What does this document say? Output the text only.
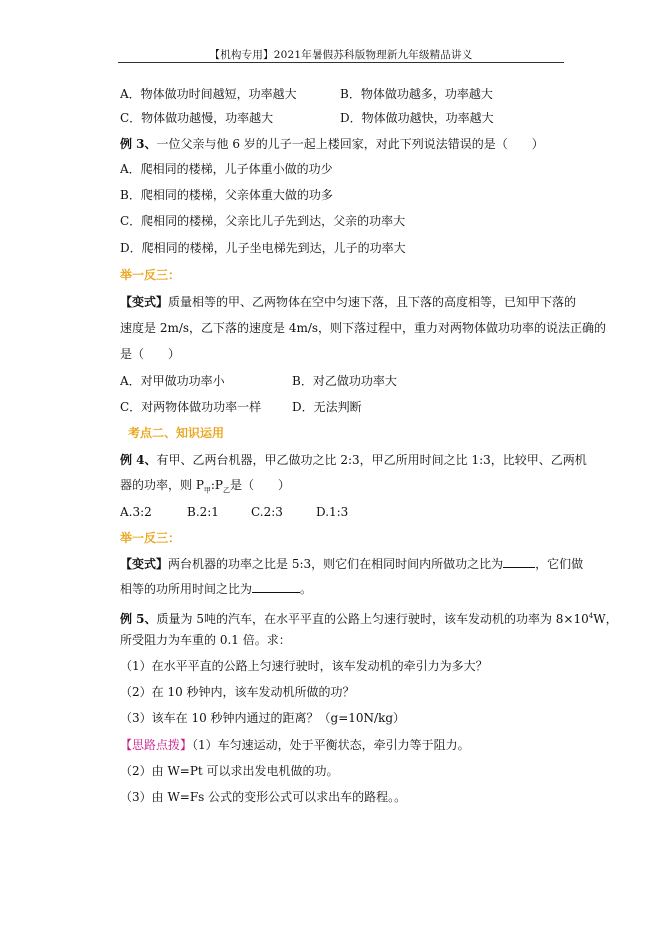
【机构专用】2021年暑假苏科版物理新九年级精品讲义
A．物体做功时间越短，功率越大	B．物体做功越多，功率越大
C．物体做功越慢，功率越大	D．物体做功越快，功率越大
例 3、一位父亲与他 6 岁的儿子一起上楼回家，对此下列说法错误的是（　　）
A．爬相同的楼梯，儿子体重小做的功少
B．爬相同的楼梯，父亲体重大做的功多
C．爬相同的楼梯，父亲比儿子先到达，父亲的功率大
D．爬相同的楼梯，儿子坐电梯先到达，儿子的功率大
举一反三：
【变式】质量相等的甲、乙两物体在空中匀速下落，且下落的高度相等，已知甲下落的
速度是 2m/s，乙下落的速度是 4m/s，则下落过程中，重力对两物体做功功率的说法正确的
是（　　）
A．对甲做功功率小	B．对乙做功功率大
C．对两物体做功功率一样	D．无法判断
考点二、知识运用
例 4、有甲、乙两台机器，甲乙做功之比 2:3，甲乙所用时间之比 1:3，比较甲、乙两机
器的功率，则 $P_甲:P_乙$是（　　）
A.3:2	B.2:1	C.2:3	D.1:3
举一反三：
【变式】两台机器的功率之比是 5:3，则它们在相同时间内所做功之比为	，它们做
相等的功所用时间之比为	。
例 5、质量为 5吨的汽车，在水平平直的公路上匀速行驶时，该车发动机的功率为 $8\times 10^4W$，
所受阻力为车重的 0.1 倍。求：
（1）在水平平直的公路上匀速行驶时，该车发动机的牵引力为多大？
（2）在 10 秒钟内，该车发动机所做的功？
（3）该车在 10 秒钟内通过的距离？（g=10N/kg）
【思路点拨】（1）车匀速运动，处于平衡状态，牵引力等于阻力。
（2）由 W=Pt 可以求出发电机做的功。
（3）由 W=Fs 公式的变形公式可以求出车的路程。。
